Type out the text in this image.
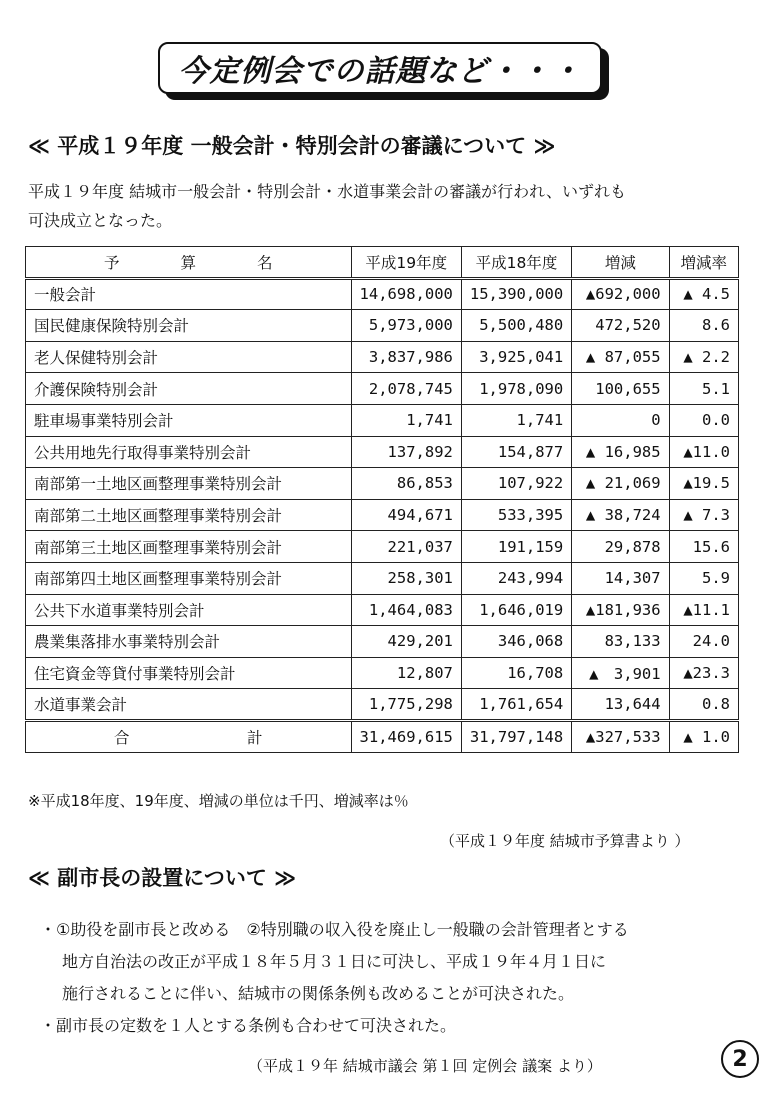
今定例会での話題など・・・
≪ 平成１９年度 一般会計・特別会計の審議について ≫
平成１９年度 結城市一般会計・特別会計・水道事業会計の審議が行われ、いずれも
可決成立となった。
予 算 名	平成19年度	平成18年度	増減	増減率
一般会計	14,698,000	15,390,000	▲692,000	▲ 4.5
国民健康保険特別会計	5,973,000	5,500,480	472,520	8.6
老人保健特別会計	3,837,986	3,925,041	▲ 87,055	▲ 2.2
介護保険特別会計	2,078,745	1,978,090	100,655	5.1
駐車場事業特別会計	1,741	1,741	0	0.0
公共用地先行取得事業特別会計	137,892	154,877	▲ 16,985	▲11.0
南部第一土地区画整理事業特別会計	86,853	107,922	▲ 21,069	▲19.5
南部第二土地区画整理事業特別会計	494,671	533,395	▲ 38,724	▲ 7.3
南部第三土地区画整理事業特別会計	221,037	191,159	29,878	15.6
南部第四土地区画整理事業特別会計	258,301	243,994	14,307	5.9
公共下水道事業特別会計	1,464,083	1,646,019	▲181,936	▲11.1
農業集落排水事業特別会計	429,201	346,068	83,133	24.0
住宅資金等貸付事業特別会計	12,807	16,708	▲　3,901	▲23.3
水道事業会計	1,775,298	1,761,654	13,644	0.8

合 計	31,469,615	31,797,148	▲327,533	▲ 1.0
※平成18年度、19年度、増減の単位は千円、増減率は％
（平成１９年度 結城市予算書より ）
≪ 副市長の設置について ≫
・①助役を副市長と改める　②特別職の収入役を廃止し一般職の会計管理者とする
地方自治法の改正が平成１８年５月３１日に可決し、平成１９年４月１日に
施行されることに伴い、結城市の関係条例も改めることが可決された。
・副市長の定数を１人とする条例も合わせて可決された。
（平成１９年 結城市議会 第１回 定例会 議案 より）	2
